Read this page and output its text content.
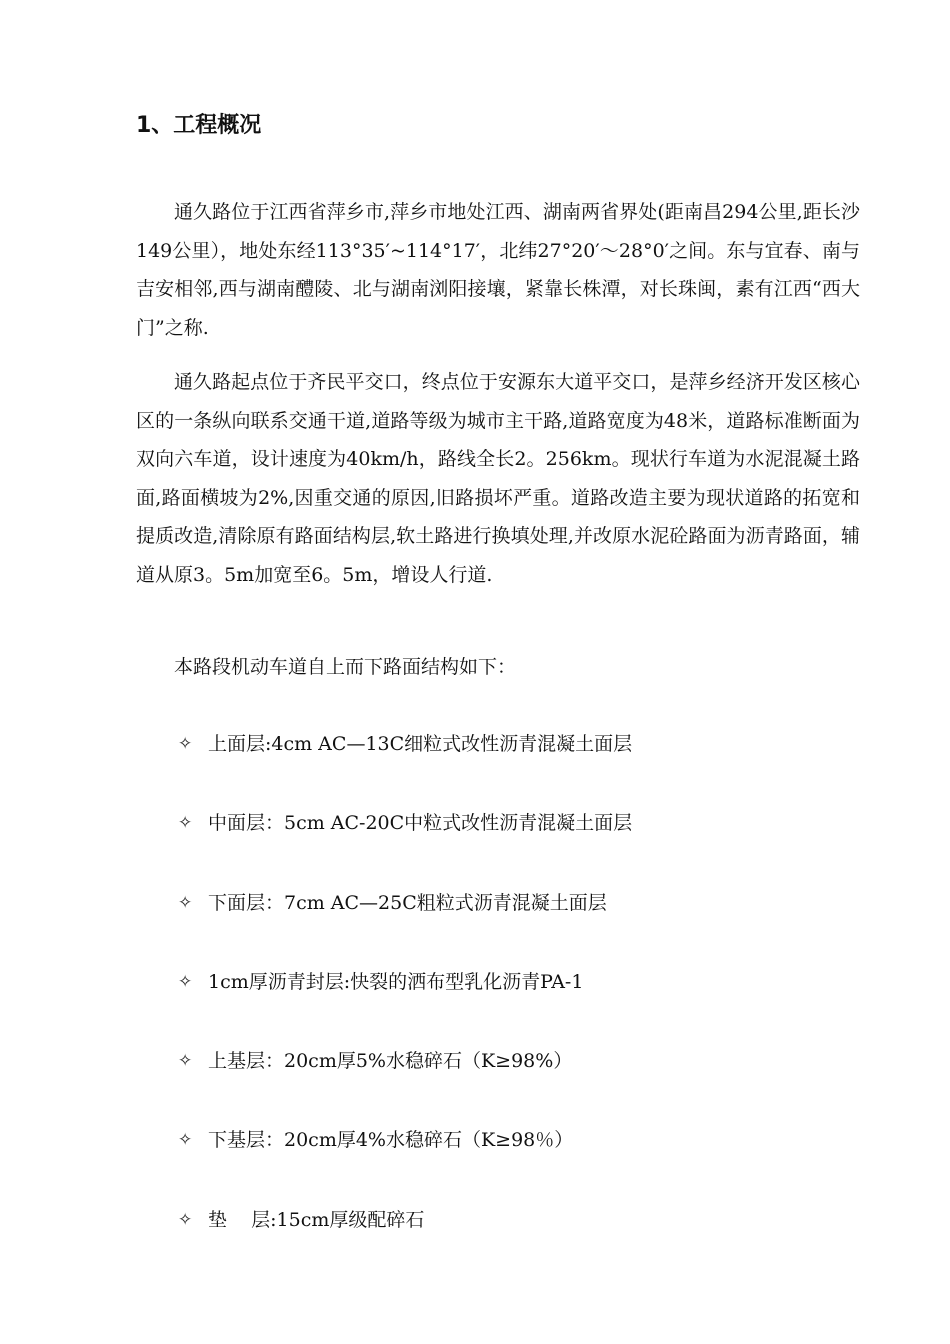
1、工程概况

通久路位于江西省萍乡市,萍乡市地处江西、湖南两省界处(距南昌294公里,距长沙149公里），地处东经113°35′~114°17′，北纬27°20′～28°0′之间。东与宜春、南与吉安相邻,西与湖南醴陵、北与湖南浏阳接壤，紧靠长株潭，对长珠闽，素有江西“西大门”之称.

通久路起点位于齐民平交口，终点位于安源东大道平交口，是萍乡经济开发区核心区的一条纵向联系交通干道,道路等级为城市主干路,道路宽度为48米，道路标准断面为双向六车道，设计速度为40km/h，路线全长2。256km。现状行车道为水泥混凝土路面,路面横坡为2%,因重交通的原因,旧路损坏严重。道路改造主要为现状道路的拓宽和提质改造,清除原有路面结构层,软土路进行换填处理,并改原水泥砼路面为沥青路面，辅道从原3。5m加宽至6。5m，增设人行道.

本路段机动车道自上而下路面结构如下：
✧ 上面层:4cm AC—13C细粒式改性沥青混凝土面层
✧ 中面层：5cm AC-20C中粒式改性沥青混凝土面层
✧ 下面层：7cm AC—25C粗粒式沥青混凝土面层
✧ 1cm厚沥青封层:快裂的洒布型乳化沥青PA-1
✧ 上基层：20cm厚5%水稳碎石（K≥98%）
✧ 下基层：20cm厚4%水稳碎石（K≥98％）
✧ 垫    层:15cm厚级配碎石
